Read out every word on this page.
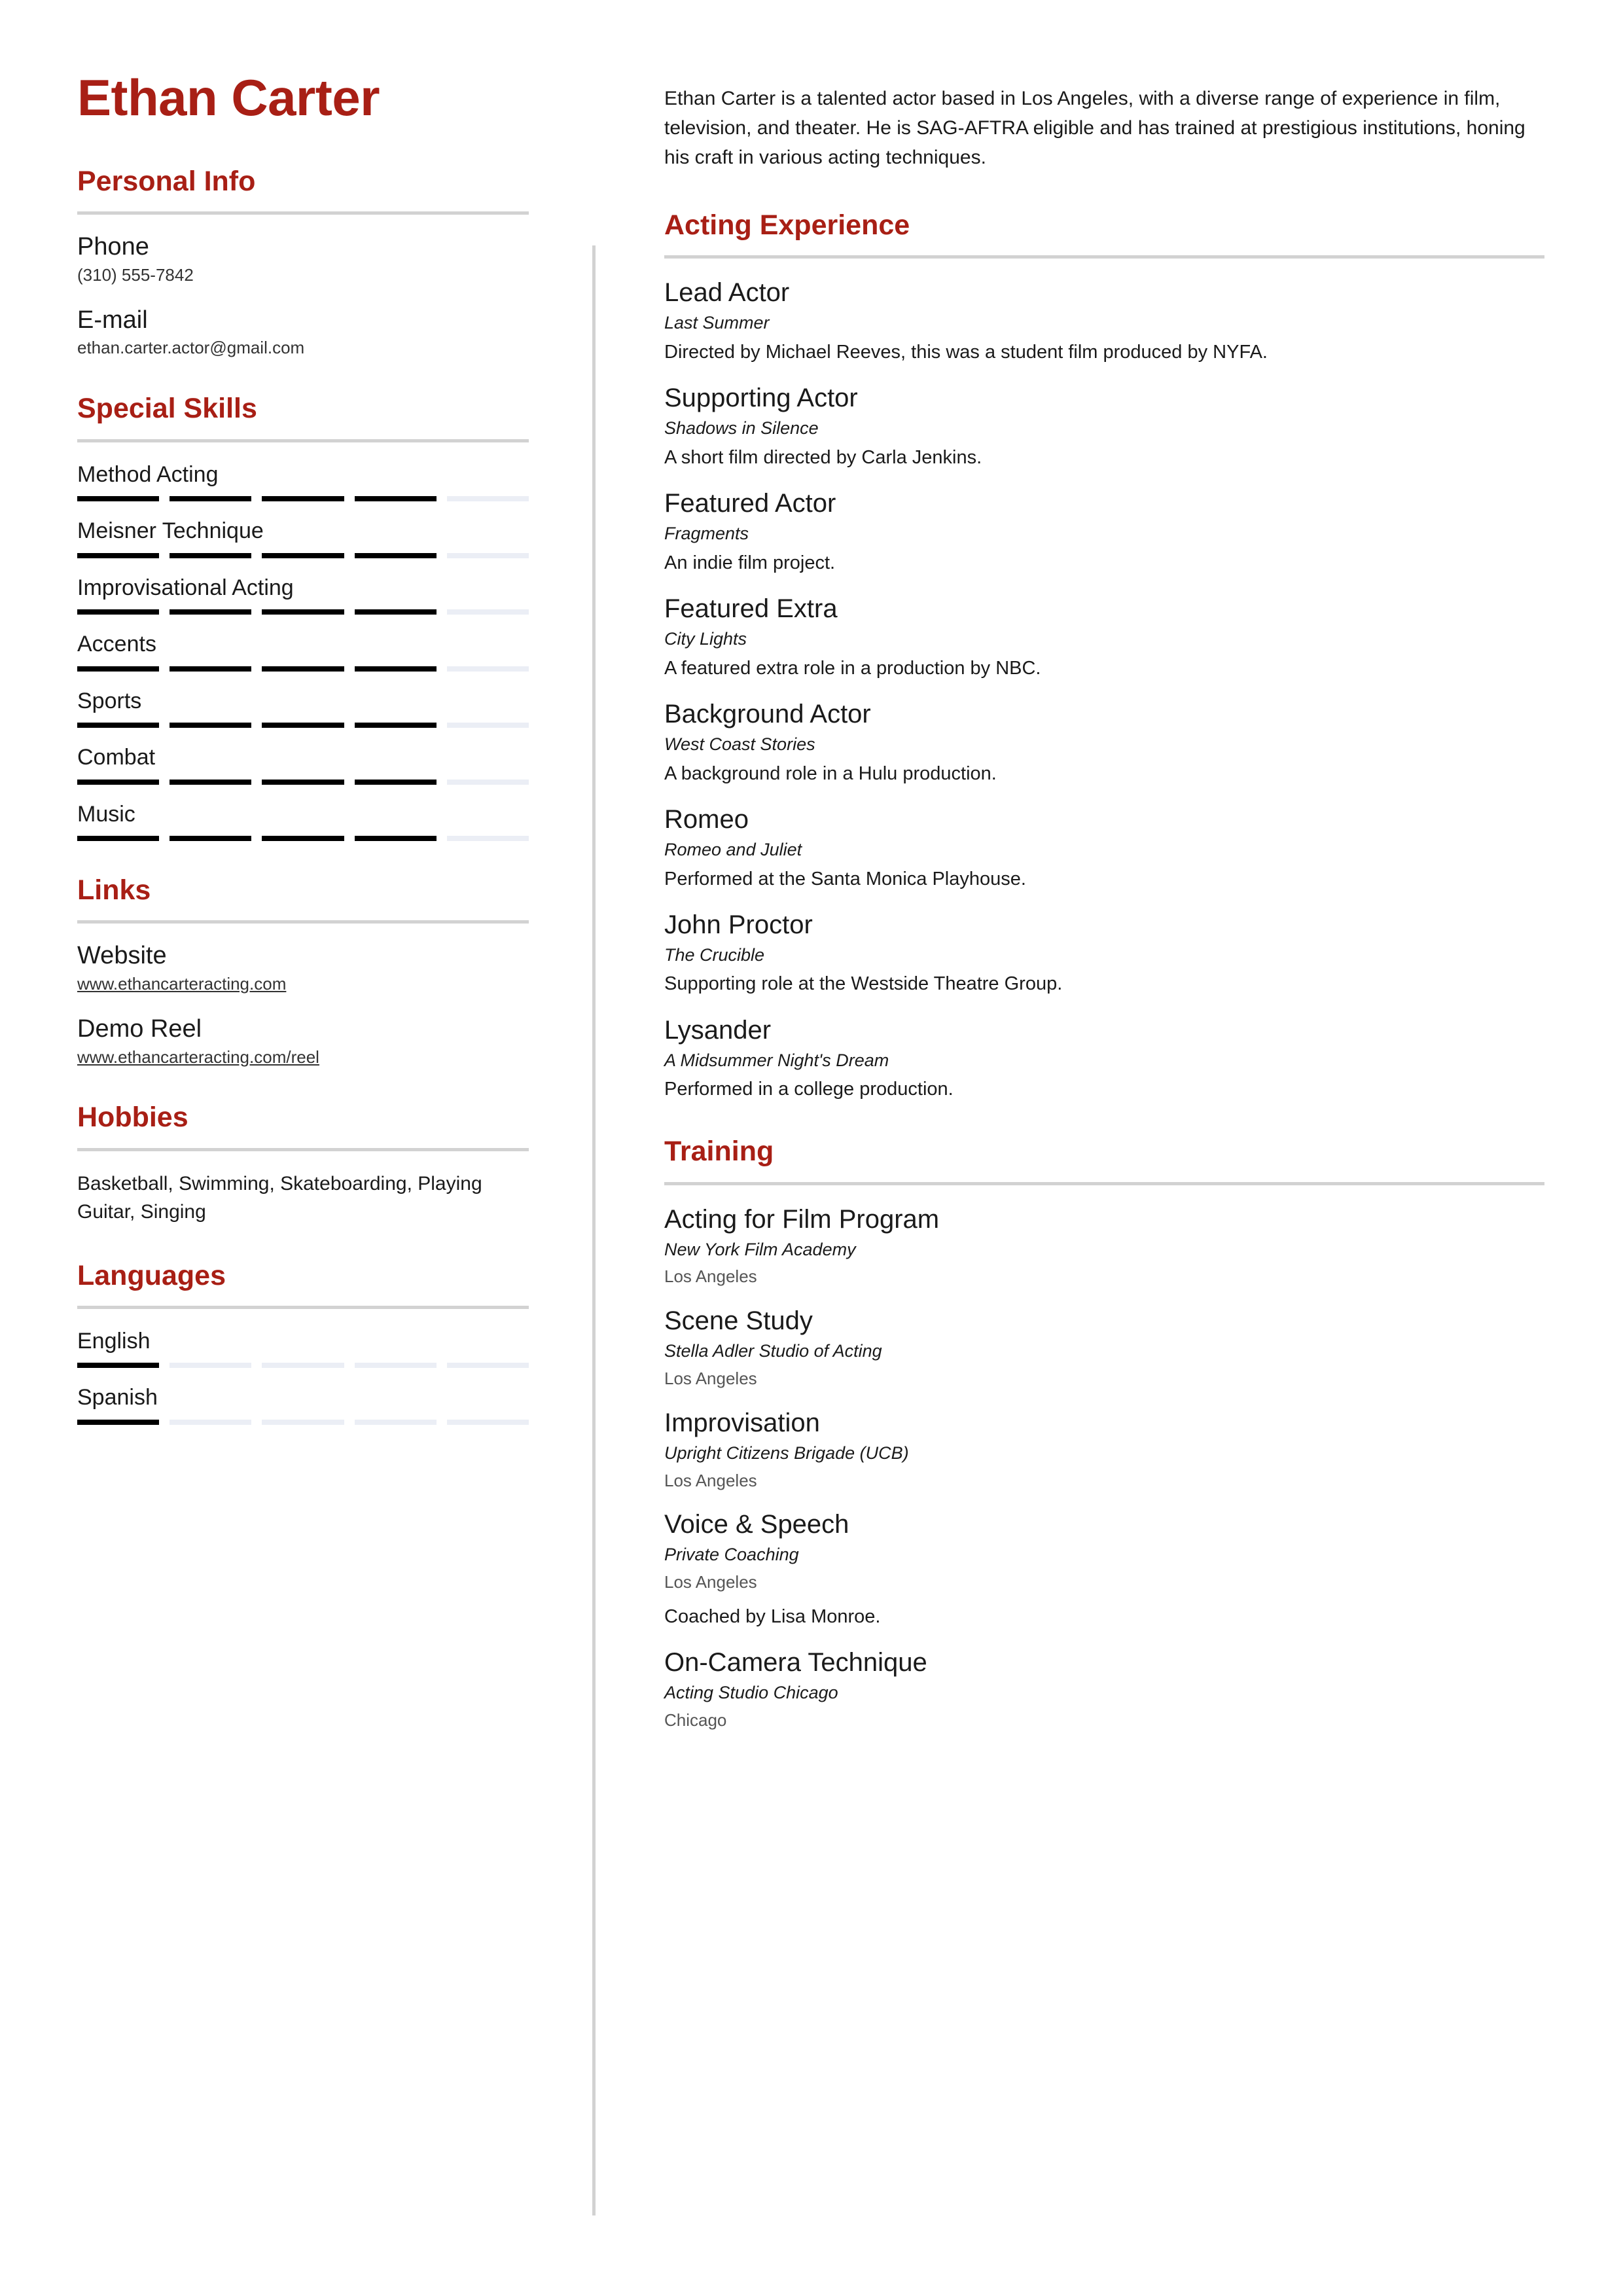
Ethan Carter
Personal Info
Phone
(310) 555-7842
E-mail
ethan.carter.actor@gmail.com
Special Skills
Method Acting
Meisner Technique
Improvisational Acting
Accents
Sports
Combat
Music
Links
Website
www.ethancarteracting.com
Demo Reel
www.ethancarteracting.com/reel
Hobbies
Basketball, Swimming, Skateboarding, Playing Guitar, Singing
Languages
English
Spanish
Ethan Carter is a talented actor based in Los Angeles, with a diverse range of experience in film, television, and theater. He is SAG-AFTRA eligible and has trained at prestigious institutions, honing his craft in various acting techniques.
Acting Experience
Lead Actor
Last Summer
Directed by Michael Reeves, this was a student film produced by NYFA.
Supporting Actor
Shadows in Silence
A short film directed by Carla Jenkins.
Featured Actor
Fragments
An indie film project.
Featured Extra
City Lights
A featured extra role in a production by NBC.
Background Actor
West Coast Stories
A background role in a Hulu production.
Romeo
Romeo and Juliet
Performed at the Santa Monica Playhouse.
John Proctor
The Crucible
Supporting role at the Westside Theatre Group.
Lysander
A Midsummer Night's Dream
Performed in a college production.
Training
Acting for Film Program
New York Film Academy
Los Angeles
Scene Study
Stella Adler Studio of Acting
Los Angeles
Improvisation
Upright Citizens Brigade (UCB)
Los Angeles
Voice & Speech
Private Coaching
Los Angeles
Coached by Lisa Monroe.
On-Camera Technique
Acting Studio Chicago
Chicago
